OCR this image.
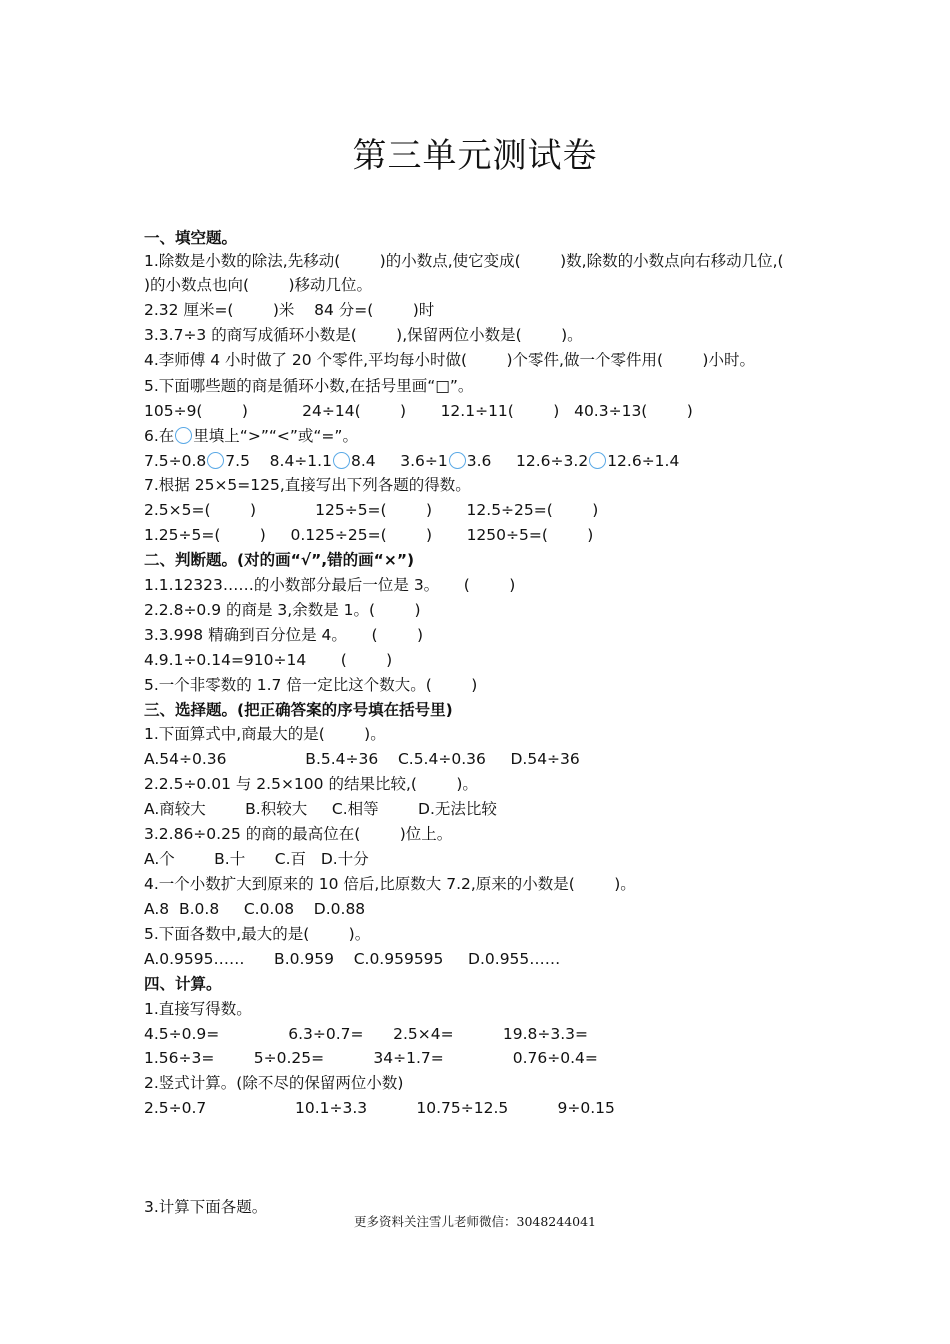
第三单元测试卷
一、填空题。
1.除数是小数的除法,先移动(        )的小数点,使它变成(        )数,除数的小数点向右移动几位,(
)的小数点也向(        )移动几位。
2.32 厘米=(        )米    84 分=(        )时
3.3.7÷3 的商写成循环小数是(        ),保留两位小数是(        )。
4.李师傅 4 小时做了 20 个零件,平均每小时做(        )个零件,做一个零件用(        )小时。
5.下面哪些题的商是循环小数,在括号里画“□”。
105÷9(        )           24÷14(        )       12.1÷11(        )   40.3÷13(        )
6.在 里填上“>”“<”或“=”。
7.5÷0.8 7.5    8.4÷1.1 8.4     3.6÷1 3.6     12.6÷3.2 12.6÷1.4
7.根据 25×5=125,直接写出下列各题的得数。
2.5×5=(        )            125÷5=(        )       12.5÷25=(        )
1.25÷5=(        )     0.125÷25=(        )       1250÷5=(        )
二、判断题。(对的画“√”,错的画“×”)
1.1.12323……的小数部分最后一位是 3。     (        )
2.2.8÷0.9 的商是 3,余数是 1。(        )
3.3.998 精确到百分位是 4。     (        )
4.9.1÷0.14=910÷14       (        )
5.一个非零数的 1.7 倍一定比这个数大。(        )
三、选择题。(把正确答案的序号填在括号里)
1.下面算式中,商最大的是(        )。
A.54÷0.36                B.5.4÷36    C.5.4÷0.36     D.54÷36
2.2.5÷0.01 与 2.5×100 的结果比较,(        )。
A.商较大        B.积较大     C.相等        D.无法比较
3.2.86÷0.25 的商的最高位在(        )位上。
A.个        B.十      C.百   D.十分
4.一个小数扩大到原来的 10 倍后,比原数大 7.2,原来的小数是(        )。
A.8  B.0.8     C.0.08    D.0.88
5.下面各数中,最大的是(        )。
A.0.9595……      B.0.959    C.0.959595     D.0.955……
四、计算。
1.直接写得数。
4.5÷0.9=              6.3÷0.7=      2.5×4=          19.8÷3.3=
1.56÷3=        5÷0.25=          34÷1.7=              0.76÷0.4=
2.竖式计算。(除不尽的保留两位小数)
2.5÷0.7                  10.1÷3.3          10.75÷12.5          9÷0.15
3.计算下面各题。
更多资料关注雪儿老师微信：3048244041
